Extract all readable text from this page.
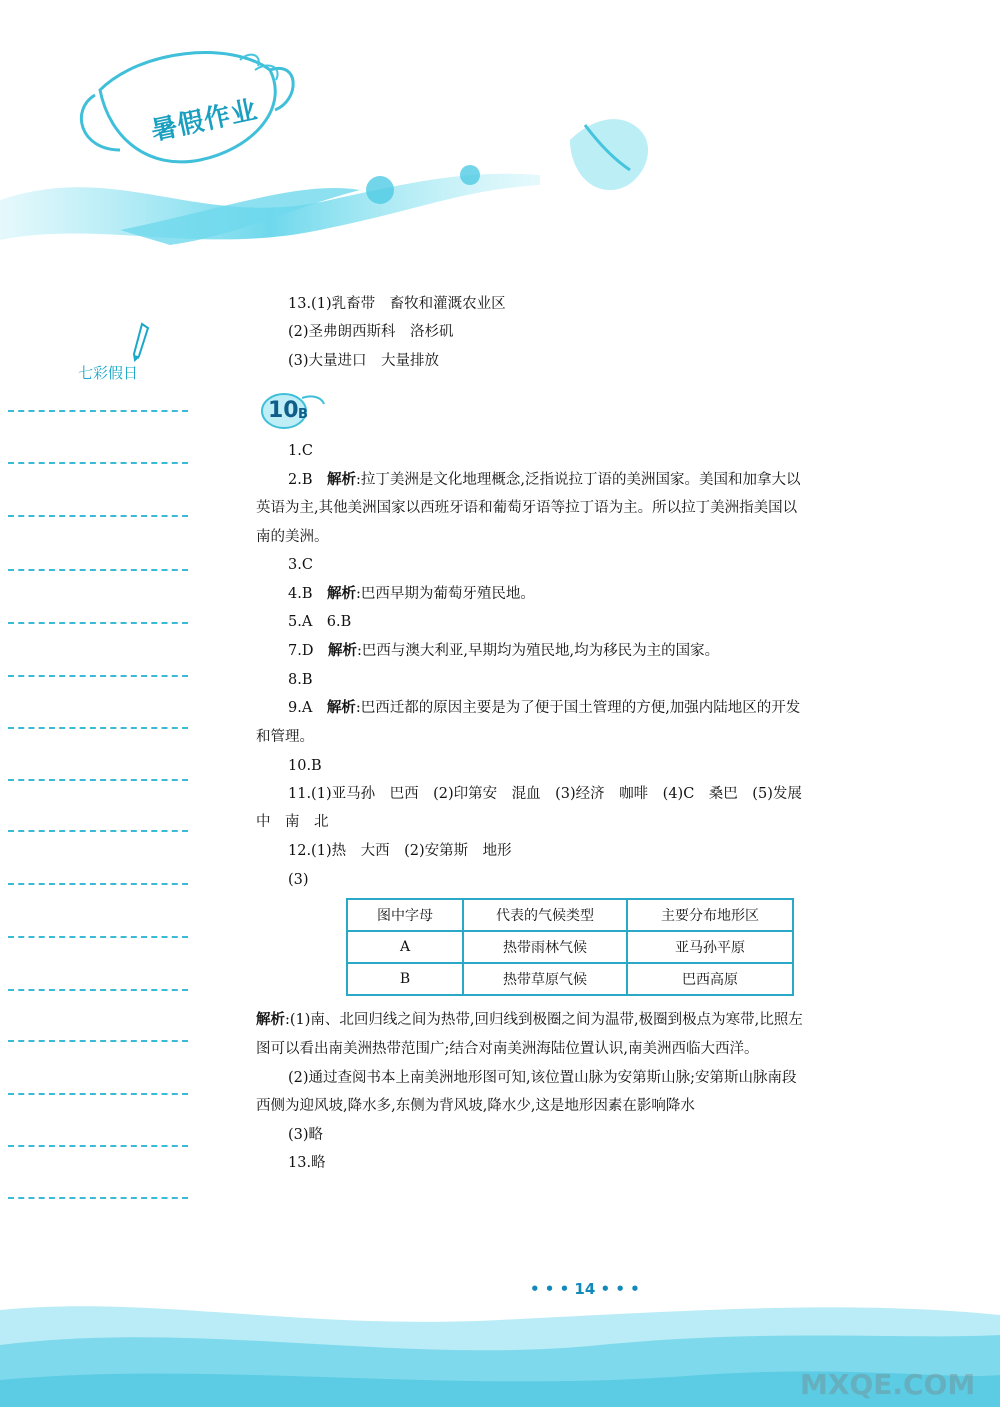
暑假作业
七彩假日
10 B
13.(1)乳畜带　畜牧和灌溉农业区
(2)圣弗朗西斯科　洛杉矶
(3)大量进口　大量排放
1.C
2.B　解析:拉丁美洲是文化地理概念,泛指说拉丁语的美洲国家。美国和加拿大以
英语为主,其他美洲国家以西班牙语和葡萄牙语等拉丁语为主。所以拉丁美洲指美国以
南的美洲。
3.C
4.B　解析:巴西早期为葡萄牙殖民地。
5.A　6.B
7.D　解析:巴西与澳大利亚,早期均为殖民地,均为移民为主的国家。
8.B
9.A　解析:巴西迁都的原因主要是为了便于国土管理的方便,加强内陆地区的开发
和管理。
10.B
11.(1)亚马孙　巴西　(2)印第安　混血　(3)经济　咖啡　(4)C　桑巴　(5)发展
中　南　北
12.(1)热　大西　(2)安第斯　地形
(3)
图中字母	代表的气候类型	主要分布地形区
A	热带雨林气候	亚马孙平原
B	热带草原气候	巴西高原
解析:(1)南、北回归线之间为热带,回归线到极圈之间为温带,极圈到极点为寒带,比照左
图可以看出南美洲热带范围广;结合对南美洲海陆位置认识,南美洲西临大西洋。
(2)通过查阅书本上南美洲地形图可知,该位置山脉为安第斯山脉;安第斯山脉南段
西侧为迎风坡,降水多,东侧为背风坡,降水少,这是地形因素在影响降水
(3)略
13.略
• • • 14 • • •
MXQE.COM
